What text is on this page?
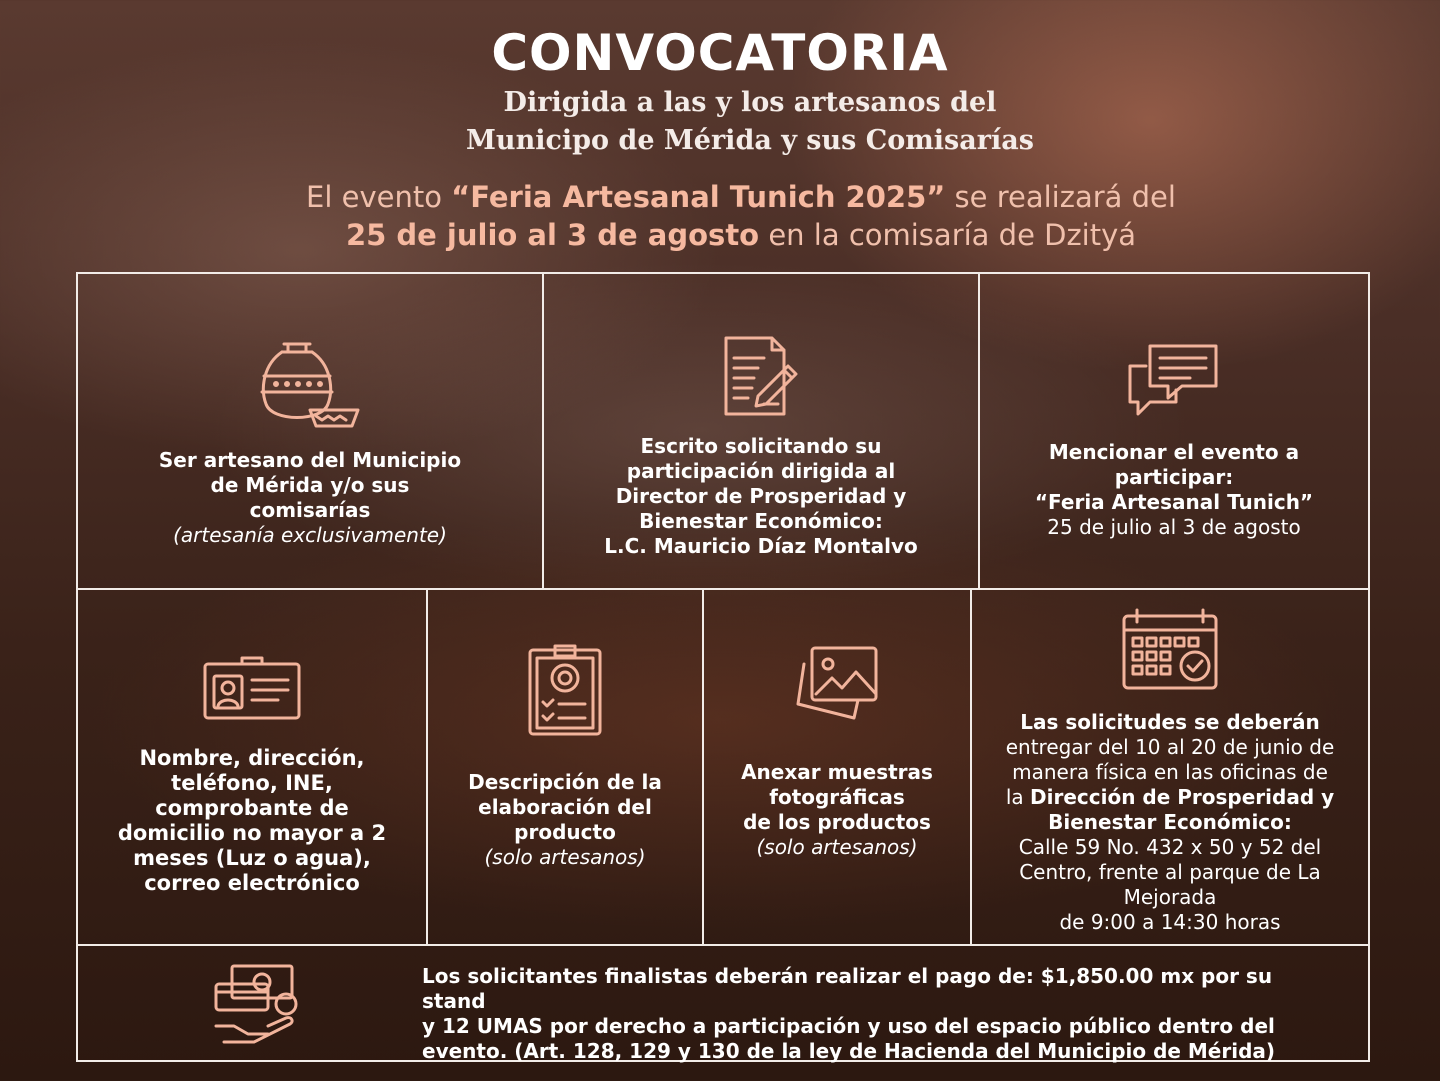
CONVOCATORIA
Dirigida a las y los artesanos del
Municipo de Mérida y sus Comisarías
El evento “Feria Artesanal Tunich 2025” se realizará del
25 de julio al 3 de agosto en la comisaría de Dzityá
Ser artesano del Municipio
de Mérida y/o sus
comisarías
(artesanía exclusivamente)
Escrito solicitando su
participación dirigida al
Director de Prosperidad y
Bienestar Económico:
L.C. Mauricio Díaz Montalvo
Mencionar el evento a
participar:
“Feria Artesanal Tunich”
25 de julio al 3 de agosto
Nombre, dirección,
teléfono, INE,
comprobante de
domicilio no mayor a 2
meses (Luz o agua),
correo electrónico
Descripción de la
elaboración del
producto
(solo artesanos)
Anexar muestras
fotográficas
de los productos
(solo artesanos)
Las solicitudes se deberán
entregar del 10 al 20 de junio de
manera física en las oficinas de
la Dirección de Prosperidad y
Bienestar Económico:
Calle 59 No. 432 x 50 y 52 del
Centro, frente al parque de La
Mejorada
de 9:00 a 14:30 horas
Los solicitantes finalistas deberán realizar el pago de: $1,850.00 mx por su stand
y 12 UMAS por derecho a participación y uso del espacio público dentro del
evento. (Art. 128, 129 y 130 de la ley de Hacienda del Municipio de Mérida)
